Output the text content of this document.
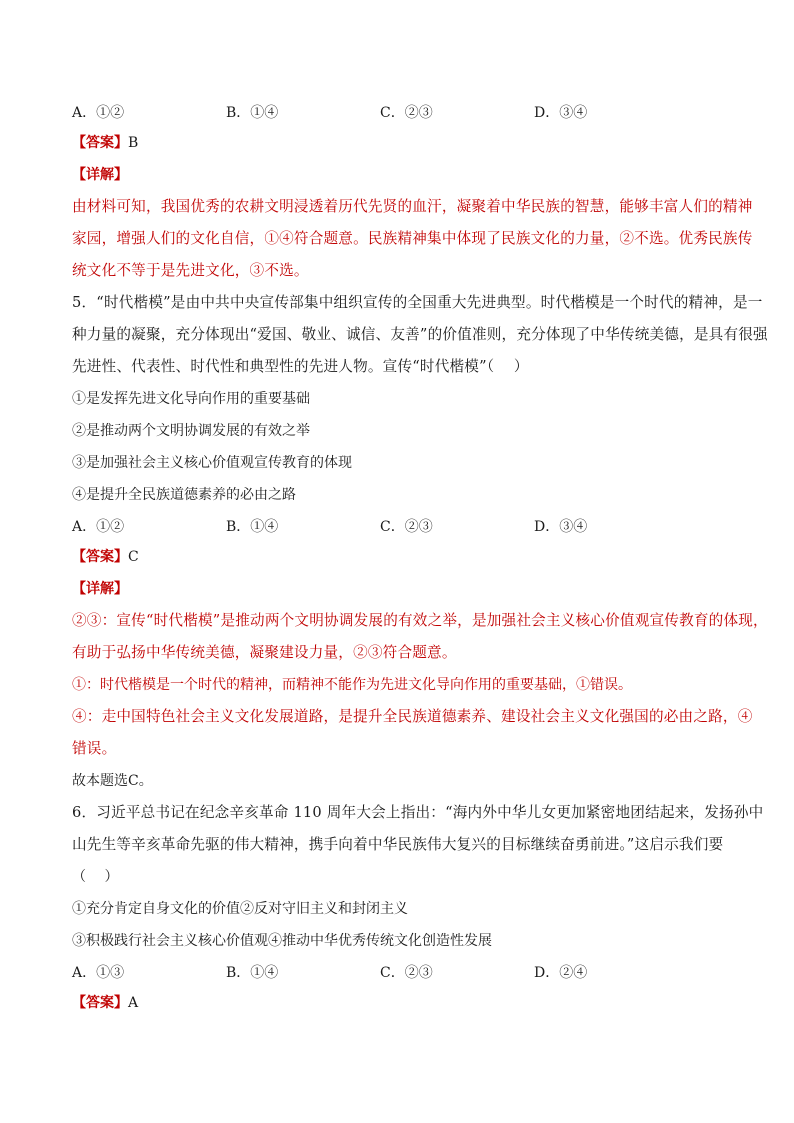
A．①②	B．①④	C．②③	D．③④
【答案】B
【详解】
由材料可知，我国优秀的农耕文明浸透着历代先贤的血汗，凝聚着中华民族的智慧，能够丰富人们的精神
家园，增强人们的文化自信，①④符合题意。民族精神集中体现了民族文化的力量，②不选。优秀民族传
统文化不等于是先进文化，③不选。
5．“时代楷模”是由中共中央宣传部集中组织宣传的全国重大先进典型。时代楷模是一个时代的精神，是一
种力量的凝聚，充分体现出“爱国、敬业、诚信、友善”的价值准则，充分体现了中华传统美德，是具有很强
先进性、代表性、时代性和典型性的先进人物。宣传“时代楷模”（　 ）
①是发挥先进文化导向作用的重要基础
②是推动两个文明协调发展的有效之举
③是加强社会主义核心价值观宣传教育的体现
④是提升全民族道德素养的必由之路
A．①②	B．①④	C．②③	D．③④
【答案】C
【详解】
②③：宣传“时代楷模”是推动两个文明协调发展的有效之举，是加强社会主义核心价值观宣传教育的体现，
有助于弘扬中华传统美德，凝聚建设力量，②③符合题意。
①：时代楷模是一个时代的精神，而精神不能作为先进文化导向作用的重要基础，①错误。
④：走中国特色社会主义文化发展道路，是提升全民族道德素养、建设社会主义文化强国的必由之路，④
错误。
故本题选C。
6．习近平总书记在纪念辛亥革命 110 周年大会上指出：“海内外中华儿女更加紧密地团结起来，发扬孙中
山先生等辛亥革命先驱的伟大精神，携手向着中华民族伟大复兴的目标继续奋勇前进。”这启示我们要
（　 ）
①充分肯定自身文化的价值②反对守旧主义和封闭主义
③积极践行社会主义核心价值观④推动中华优秀传统文化创造性发展
A．①③	B．①④	C．②③	D．②④
【答案】A
